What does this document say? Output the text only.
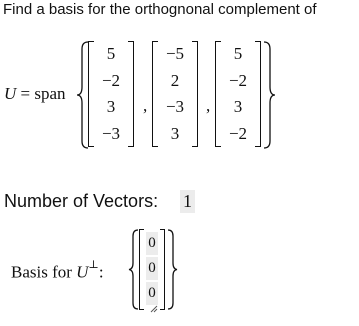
Find a basis for the orthognonal complement of
U = span
5
−2
3
−3
,
−5
2
−3
3
,
5
−2
3
−2
Number of Vectors:
1
Basis for U⊥:
0
0
0
